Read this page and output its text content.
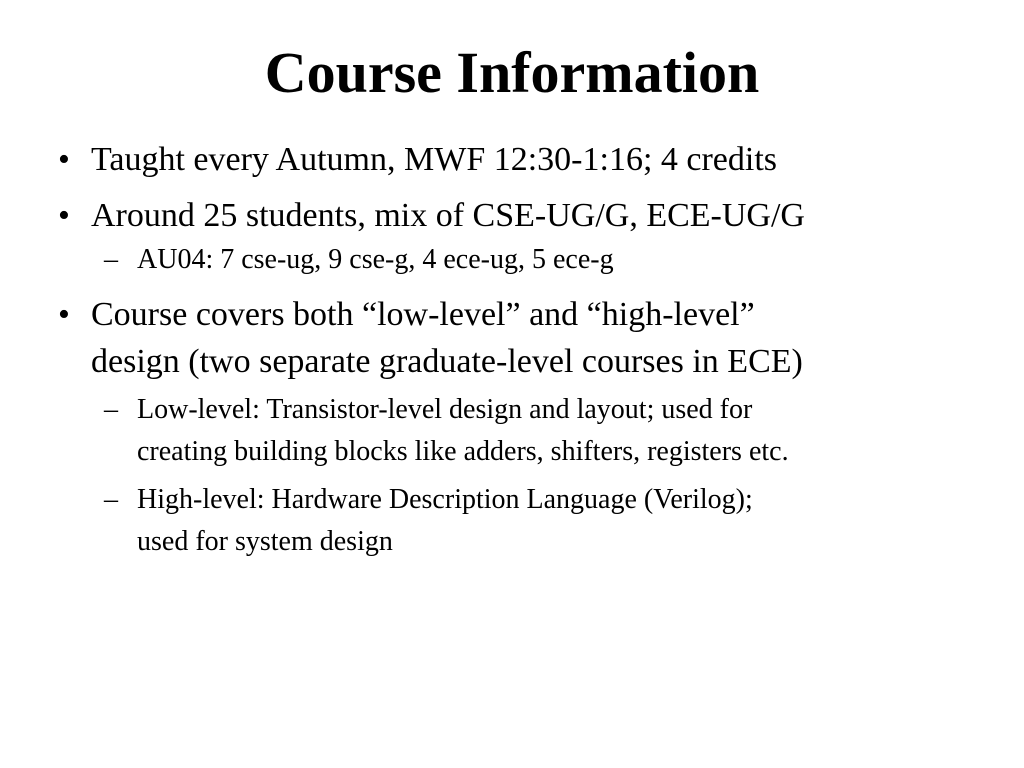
Course Information
• Taught every Autumn, MWF 12:30-1:16; 4 credits
• Around 25 students, mix of CSE-UG/G, ECE-UG/G
– AU04: 7 cse-ug, 9 cse-g, 4 ece-ug, 5 ece-g
• Course covers both “low-level” and “high-level”
design (two separate graduate-level courses in ECE)
– Low-level: Transistor-level design and layout; used for
creating building blocks like adders, shifters, registers etc.
– High-level: Hardware Description Language (Verilog);
used for system design
